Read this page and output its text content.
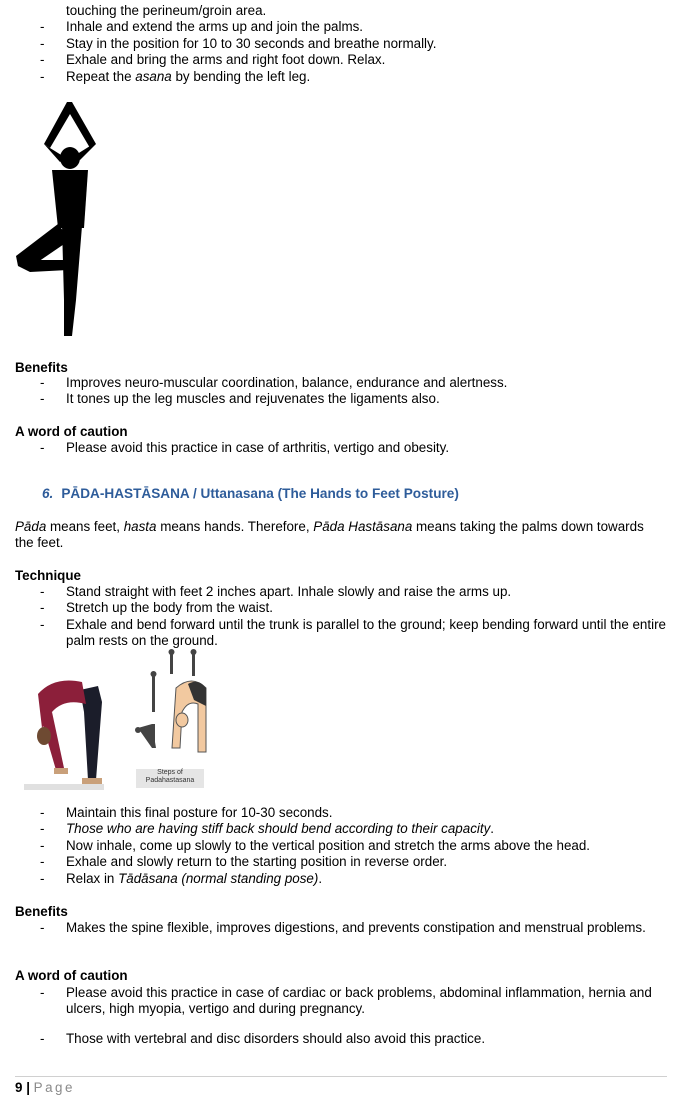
touching the perineum/groin area.
- Inhale and extend the arms up and join the palms.
- Stay in the position for 10 to 30 seconds and breathe normally.
- Exhale and bring the arms and right foot down. Relax.
- Repeat the asana by bending the left leg.
Benefits
- Improves neuro-muscular coordination, balance, endurance and alertness.
- It tones up the leg muscles and rejuvenates the ligaments also.
A word of caution
- Please avoid this practice in case of arthritis, vertigo and obesity.
6. PĀDA-HASTĀSANA / Uttanasana (The Hands to Feet Posture)
Pāda means feet, hasta means hands. Therefore, Pāda Hastāsana means taking the palms down towards the feet.
Technique
- Stand straight with feet 2 inches apart. Inhale slowly and raise the arms up.
- Stretch up the body from the waist.
- Exhale and bend forward until the trunk is parallel to the ground; keep bending forward until the entire palm rests on the ground.
Steps of
Padahastasana
- Maintain this final posture for 10-30 seconds.
- Those who are having stiff back should bend according to their capacity.
- Now inhale, come up slowly to the vertical position and stretch the arms above the head.
- Exhale and slowly return to the starting position in reverse order.
- Relax in Tādāsana (normal standing pose).
Benefits
- Makes the spine flexible, improves digestions, and prevents constipation and menstrual problems.
A word of caution
- Please avoid this practice in case of cardiac or back problems, abdominal inflammation, hernia and ulcers, high myopia, vertigo and during pregnancy.
- Those with vertebral and disc disorders should also avoid this practice.
9 | Page
